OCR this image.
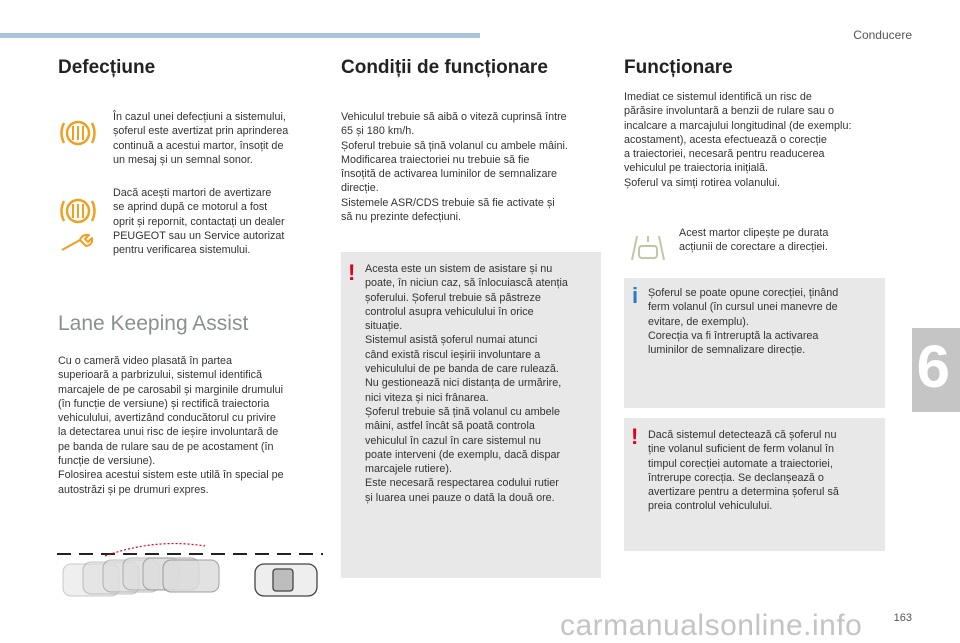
Conducere
Defecțiune
În cazul unei defecțiuni a sistemului,
șoferul este avertizat prin aprinderea
continuă a acestui martor, însoțit de
un mesaj și un semnal sonor.
Dacă acești martori de avertizare
se aprind după ce motorul a fost
oprit și repornit, contactați un dealer
PEUGEOT sau un Service autorizat
pentru verificarea sistemului.
Lane Keeping Assist
Cu o cameră video plasată în partea
superioară a parbrizului, sistemul identifică
marcajele de pe carosabil și marginile drumului
(în funcție de versiune) și rectifică traiectoria
vehiculului, avertizând conducătorul cu privire
la detectarea unui risc de ieșire involuntară de
pe banda de rulare sau de pe acostament (în
funcție de versiune).
Folosirea acestui sistem este utilă în special pe
autostrăzi și pe drumuri expres.
Condiții de funcționare
Vehiculul trebuie să aibă o viteză cuprinsă între
65 și 180 km/h.
Șoferul trebuie să țină volanul cu ambele mâini.
Modificarea traiectoriei nu trebuie să fie
însoțită de activarea luminilor de semnalizare
direcție.
Sistemele ASR/CDS trebuie să fie activate și
să nu prezinte defecțiuni.
! Acesta este un sistem de asistare și nu
poate, în niciun caz, să înlocuiască atenția
șoferului. Șoferul trebuie să păstreze
controlul asupra vehiculului în orice
situație.
Sistemul asistă șoferul numai atunci
când există riscul ieșirii involuntare a
vehiculului de pe banda de care rulează.
Nu gestionează nici distanța de urmărire,
nici viteza și nici frânarea.
Șoferul trebuie să țină volanul cu ambele
mâini, astfel încât să poată controla
vehiculul în cazul în care sistemul nu
poate interveni (de exemplu, dacă dispar
marcajele rutiere).
Este necesară respectarea codului rutier
și luarea unei pauze o dată la două ore.
Funcționare
Imediat ce sistemul identifică un risc de
părăsire involuntară a benzii de rulare sau o
incalcare a marcajului longitudinal (de exemplu:
acostament), acesta efectuează o corecție
a traiectoriei, necesară pentru readucerea
vehiculul pe traiectoria inițială.
Șoferul va simți rotirea volanului.
Acest martor clipește pe durata
acțiunii de corectare a direcției.
i Șoferul se poate opune corecției, ținând
ferm volanul (în cursul unei manevre de
evitare, de exemplu).
Corecția va fi întreruptă la activarea
luminilor de semnalizare direcție.
! Dacă sistemul detectează că șoferul nu
ține volanul suficient de ferm volanul în
timpul corecției automate a traiectoriei,
întrerupe corecția. Se declanșează o
avertizare pentru a determina șoferul să
preia controlul vehiculului.
6
carmanualsonline.info	163
